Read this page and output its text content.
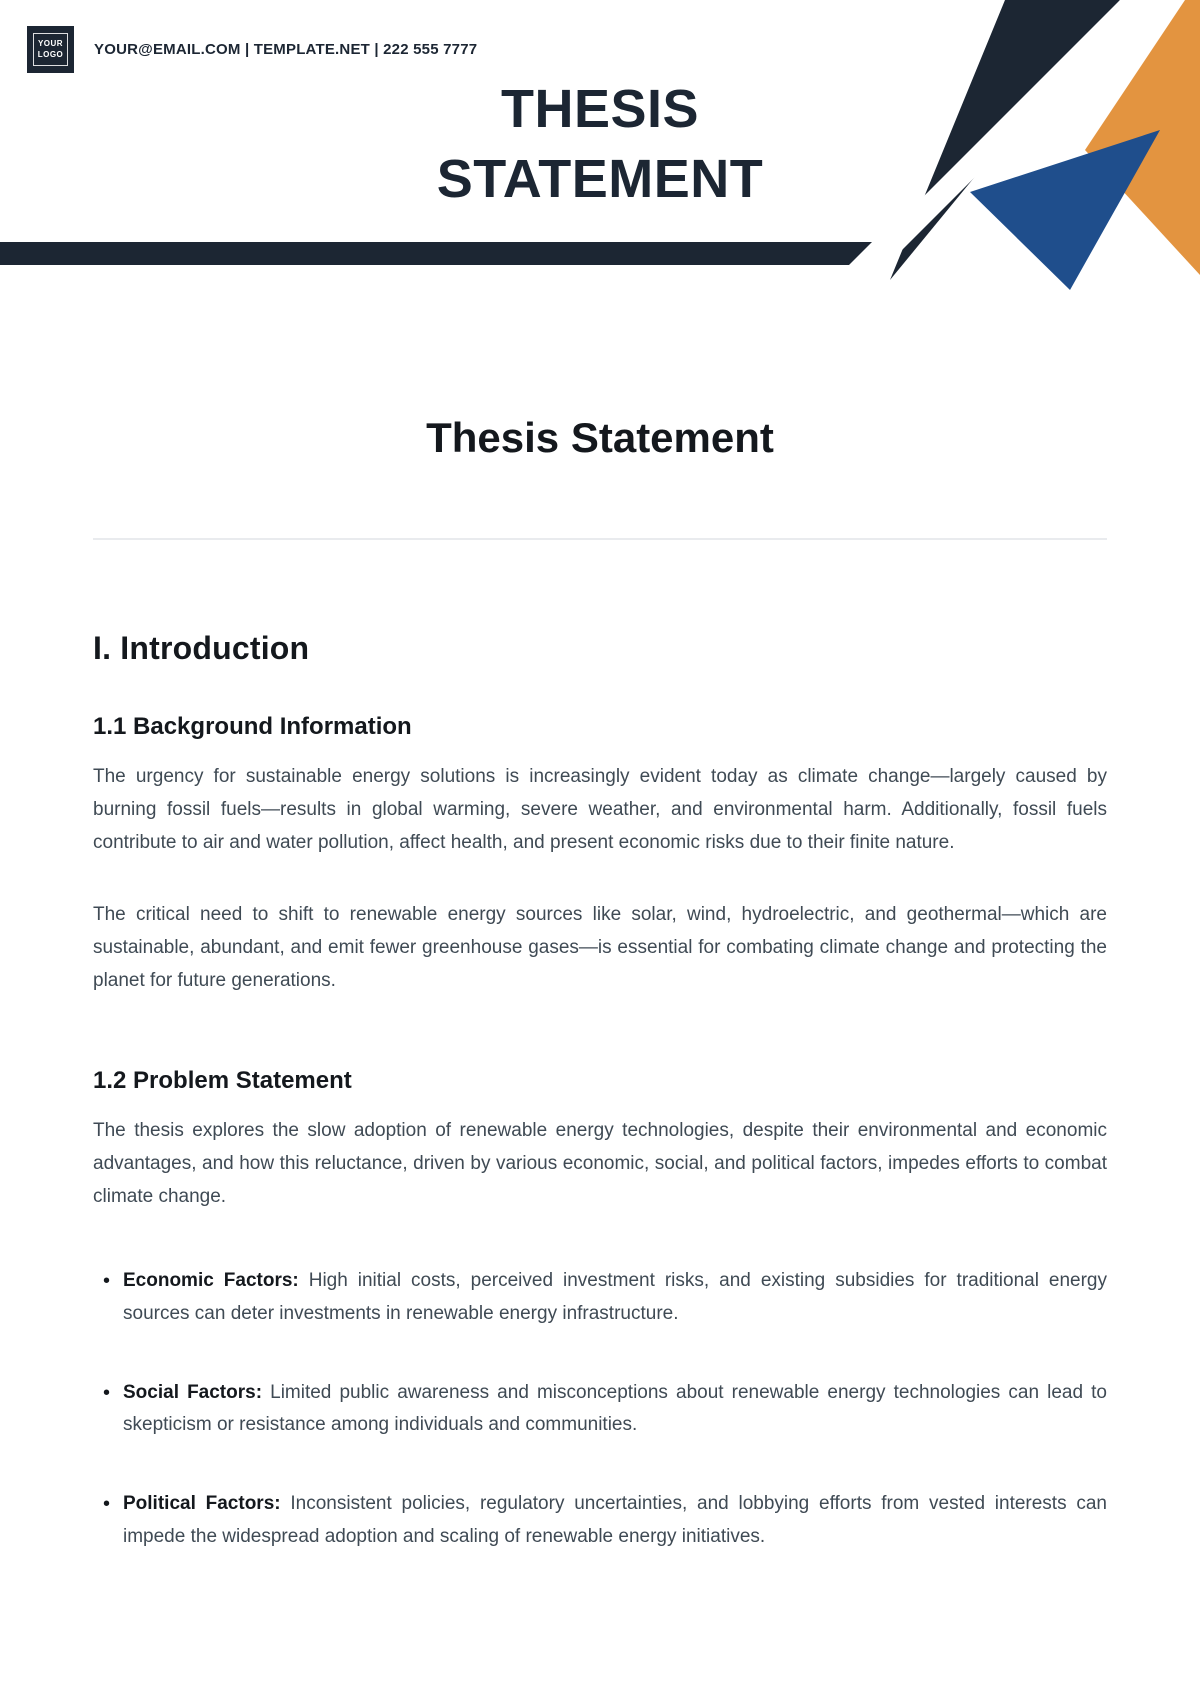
YOUR
LOGO YOUR@EMAIL.COM | TEMPLATE.NET | 222 555 7777
THESIS
STATEMENT
Thesis Statement
I. Introduction
1.1 Background Information

The urgency for sustainable energy solutions is increasingly evident today as climate change—largely caused by burning fossil fuels—results in global warming, severe weather, and environmental harm. Additionally, fossil fuels contribute to air and water pollution, affect health, and present economic risks due to their finite nature.

The critical need to shift to renewable energy sources like solar, wind, hydroelectric, and geothermal—which are sustainable, abundant, and emit fewer greenhouse gases—is essential for combating climate change and protecting the planet for future generations.

1.2 Problem Statement

The thesis explores the slow adoption of renewable energy technologies, despite their environmental and economic advantages, and how this reluctance, driven by various economic, social, and political factors, impedes efforts to combat climate change.

• Economic Factors: High initial costs, perceived investment risks, and existing subsidies for traditional energy sources can deter investments in renewable energy infrastructure.
• Social Factors: Limited public awareness and misconceptions about renewable energy technologies can lead to skepticism or resistance among individuals and communities.
• Political Factors: Inconsistent policies, regulatory uncertainties, and lobbying efforts from vested interests can impede the widespread adoption and scaling of renewable energy initiatives.
